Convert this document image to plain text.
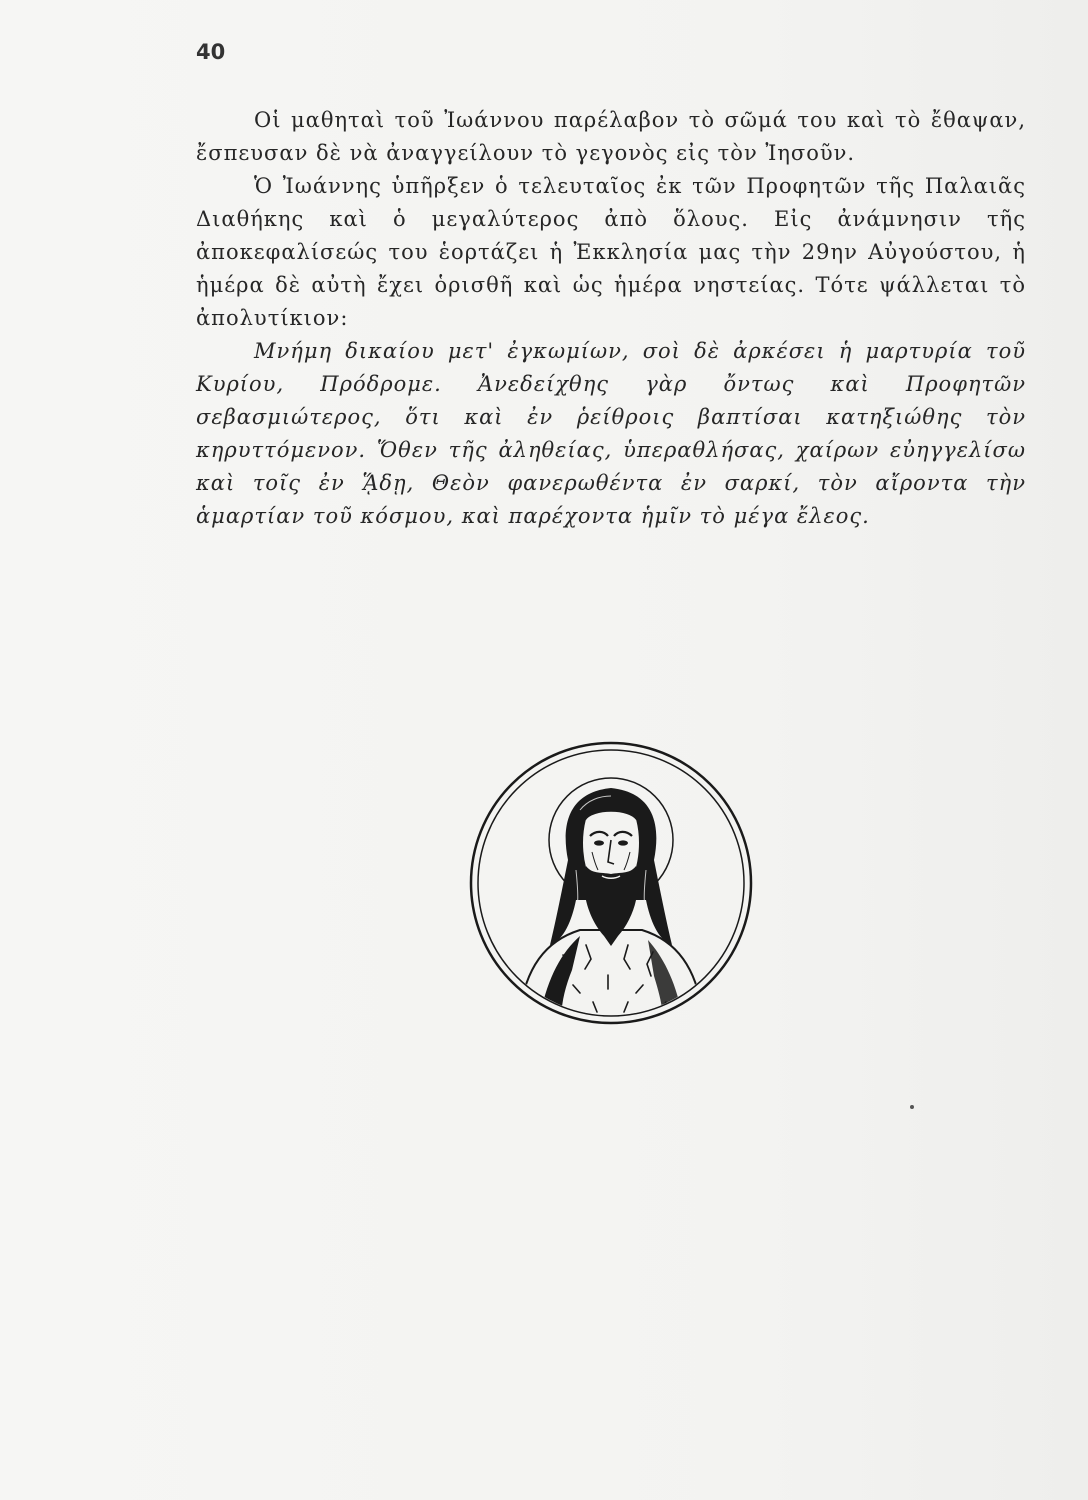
40

Οἱ μαθηταὶ τοῦ Ἰωάννου παρέλαβον τὸ σῶμά του καὶ τὸ ἔθαψαν, ἔσπευσαν δὲ νὰ ἀναγγείλουν τὸ γεγονὸς εἰς τὸν Ἰησοῦν.

Ὁ Ἰωάννης ὑπῆρξεν ὁ τελευταῖος ἐκ τῶν Προφητῶν τῆς Παλαιᾶς Διαθήκης καὶ ὁ μεγαλύτερος ἀπὸ ὅλους. Εἰς ἀνάμνησιν τῆς ἀποκεφαλίσεώς του ἑορτάζει ἡ Ἐκκλησία μας τὴν 29ην Αὐγούστου, ἡ ἡμέρα δὲ αὐτὴ ἔχει ὁρισθῆ καὶ ὡς ἡμέρα νηστείας. Τότε ψάλλεται τὸ ἀπολυτίκιον:

Μνήμη δικαίου μετ' ἐγκωμίων, σοὶ δὲ ἀρκέσει ἡ μαρτυρία τοῦ Κυρίου, Πρόδρομε. Ἀνεδείχθης γὰρ ὄντως καὶ Προφητῶν σεβασμιώτερος, ὅτι καὶ ἐν ῥείθροις βαπτίσαι κατηξιώθης τὸν κηρυττόμενον. Ὅθεν τῆς ἀληθείας, ὑπεραθλήσας, χαίρων εὐηγγελίσω καὶ τοῖς ἐν ᾍδῃ, Θεὸν φανερωθέντα ἐν σαρκί, τὸν αἴροντα τὴν ἁμαρτίαν τοῦ κόσμου, καὶ παρέχοντα ἡμῖν τὸ μέγα ἔλεος.
